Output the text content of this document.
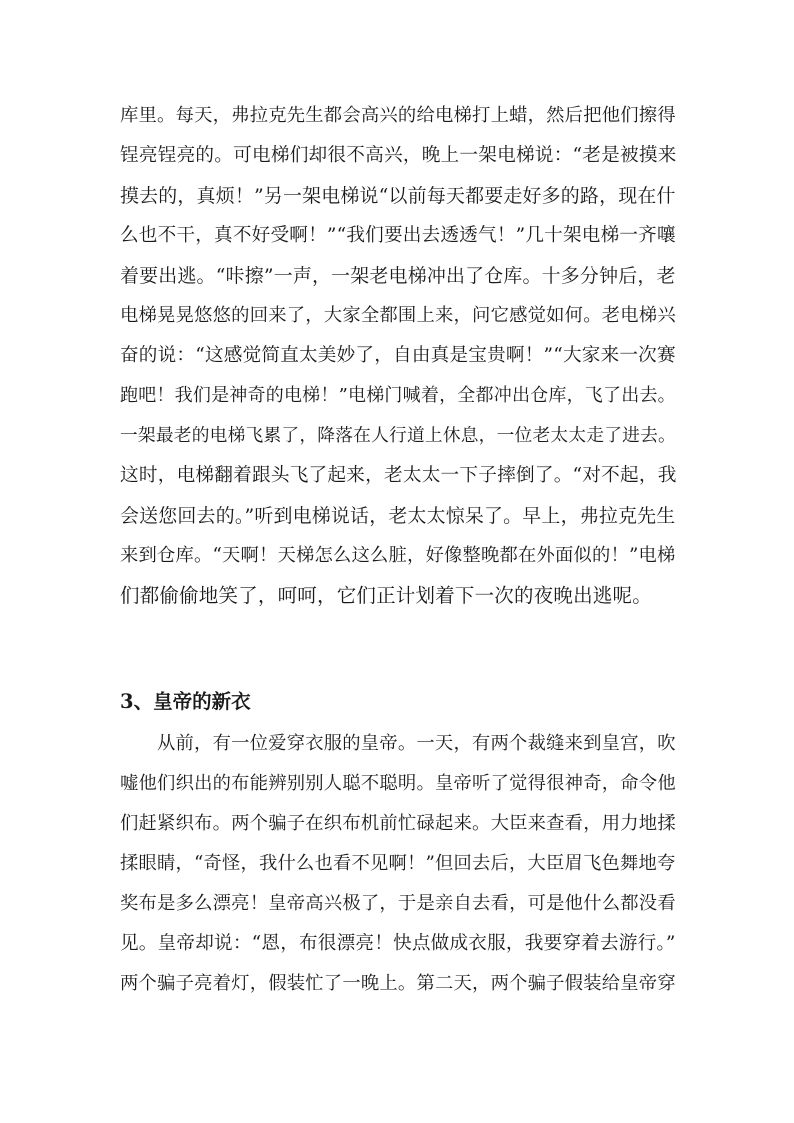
库里。每天，弗拉克先生都会高兴的给电梯打上蜡，然后把他们擦得
锃亮锃亮的。可电梯们却很不高兴，晚上一架电梯说：“老是被摸来
摸去的，真烦！”另一架电梯说“以前每天都要走好多的路，现在什
么也不干，真不好受啊！”“我们要出去透透气！”几十架电梯一齐嚷
着要出逃。“咔擦”一声，一架老电梯冲出了仓库。十多分钟后，老
电梯晃晃悠悠的回来了，大家全都围上来，问它感觉如何。老电梯兴
奋的说：“这感觉简直太美妙了，自由真是宝贵啊！”“大家来一次赛
跑吧！我们是神奇的电梯！”电梯门喊着，全都冲出仓库，飞了出去。
一架最老的电梯飞累了，降落在人行道上休息，一位老太太走了进去。
这时，电梯翻着跟头飞了起来，老太太一下子摔倒了。“对不起，我
会送您回去的。”听到电梯说话，老太太惊呆了。早上，弗拉克先生
来到仓库。“天啊！天梯怎么这么脏，好像整晚都在外面似的！”电梯
们都偷偷地笑了，呵呵，它们正计划着下一次的夜晚出逃呢。
3、皇帝的新衣
从前，有一位爱穿衣服的皇帝。一天，有两个裁缝来到皇宫，吹
嘘他们织出的布能辨别别人聪不聪明。皇帝听了觉得很神奇，命令他
们赶紧织布。两个骗子在织布机前忙碌起来。大臣来查看，用力地揉
揉眼睛，“奇怪，我什么也看不见啊！”但回去后，大臣眉飞色舞地夸
奖布是多么漂亮！皇帝高兴极了，于是亲自去看，可是他什么都没看
见。皇帝却说：“恩，布很漂亮！快点做成衣服，我要穿着去游行。”
两个骗子亮着灯，假装忙了一晚上。第二天，两个骗子假装给皇帝穿
